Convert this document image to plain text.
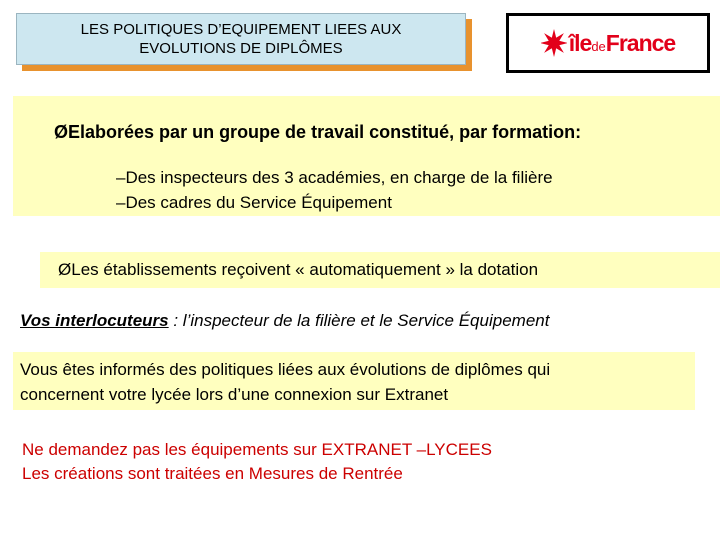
LES POLITIQUES D’EQUIPEMENT LIEES AUX
EVOLUTIONS DE DIPLÔMES	îledeFrance
ØElaborées par un groupe de travail constitué, par formation:
–Des inspecteurs des 3 académies, en charge de la filière
–Des cadres du Service Équipement
ØLes établissements reçoivent « automatiquement » la dotation
Vos interlocuteurs : l’inspecteur de la filière et le Service Équipement
Vous êtes informés des politiques liées aux évolutions de diplômes qui
concernent votre lycée lors d’une connexion sur Extranet
Ne demandez pas les équipements sur EXTRANET –LYCEES
Les créations sont traitées en Mesures de Rentrée
